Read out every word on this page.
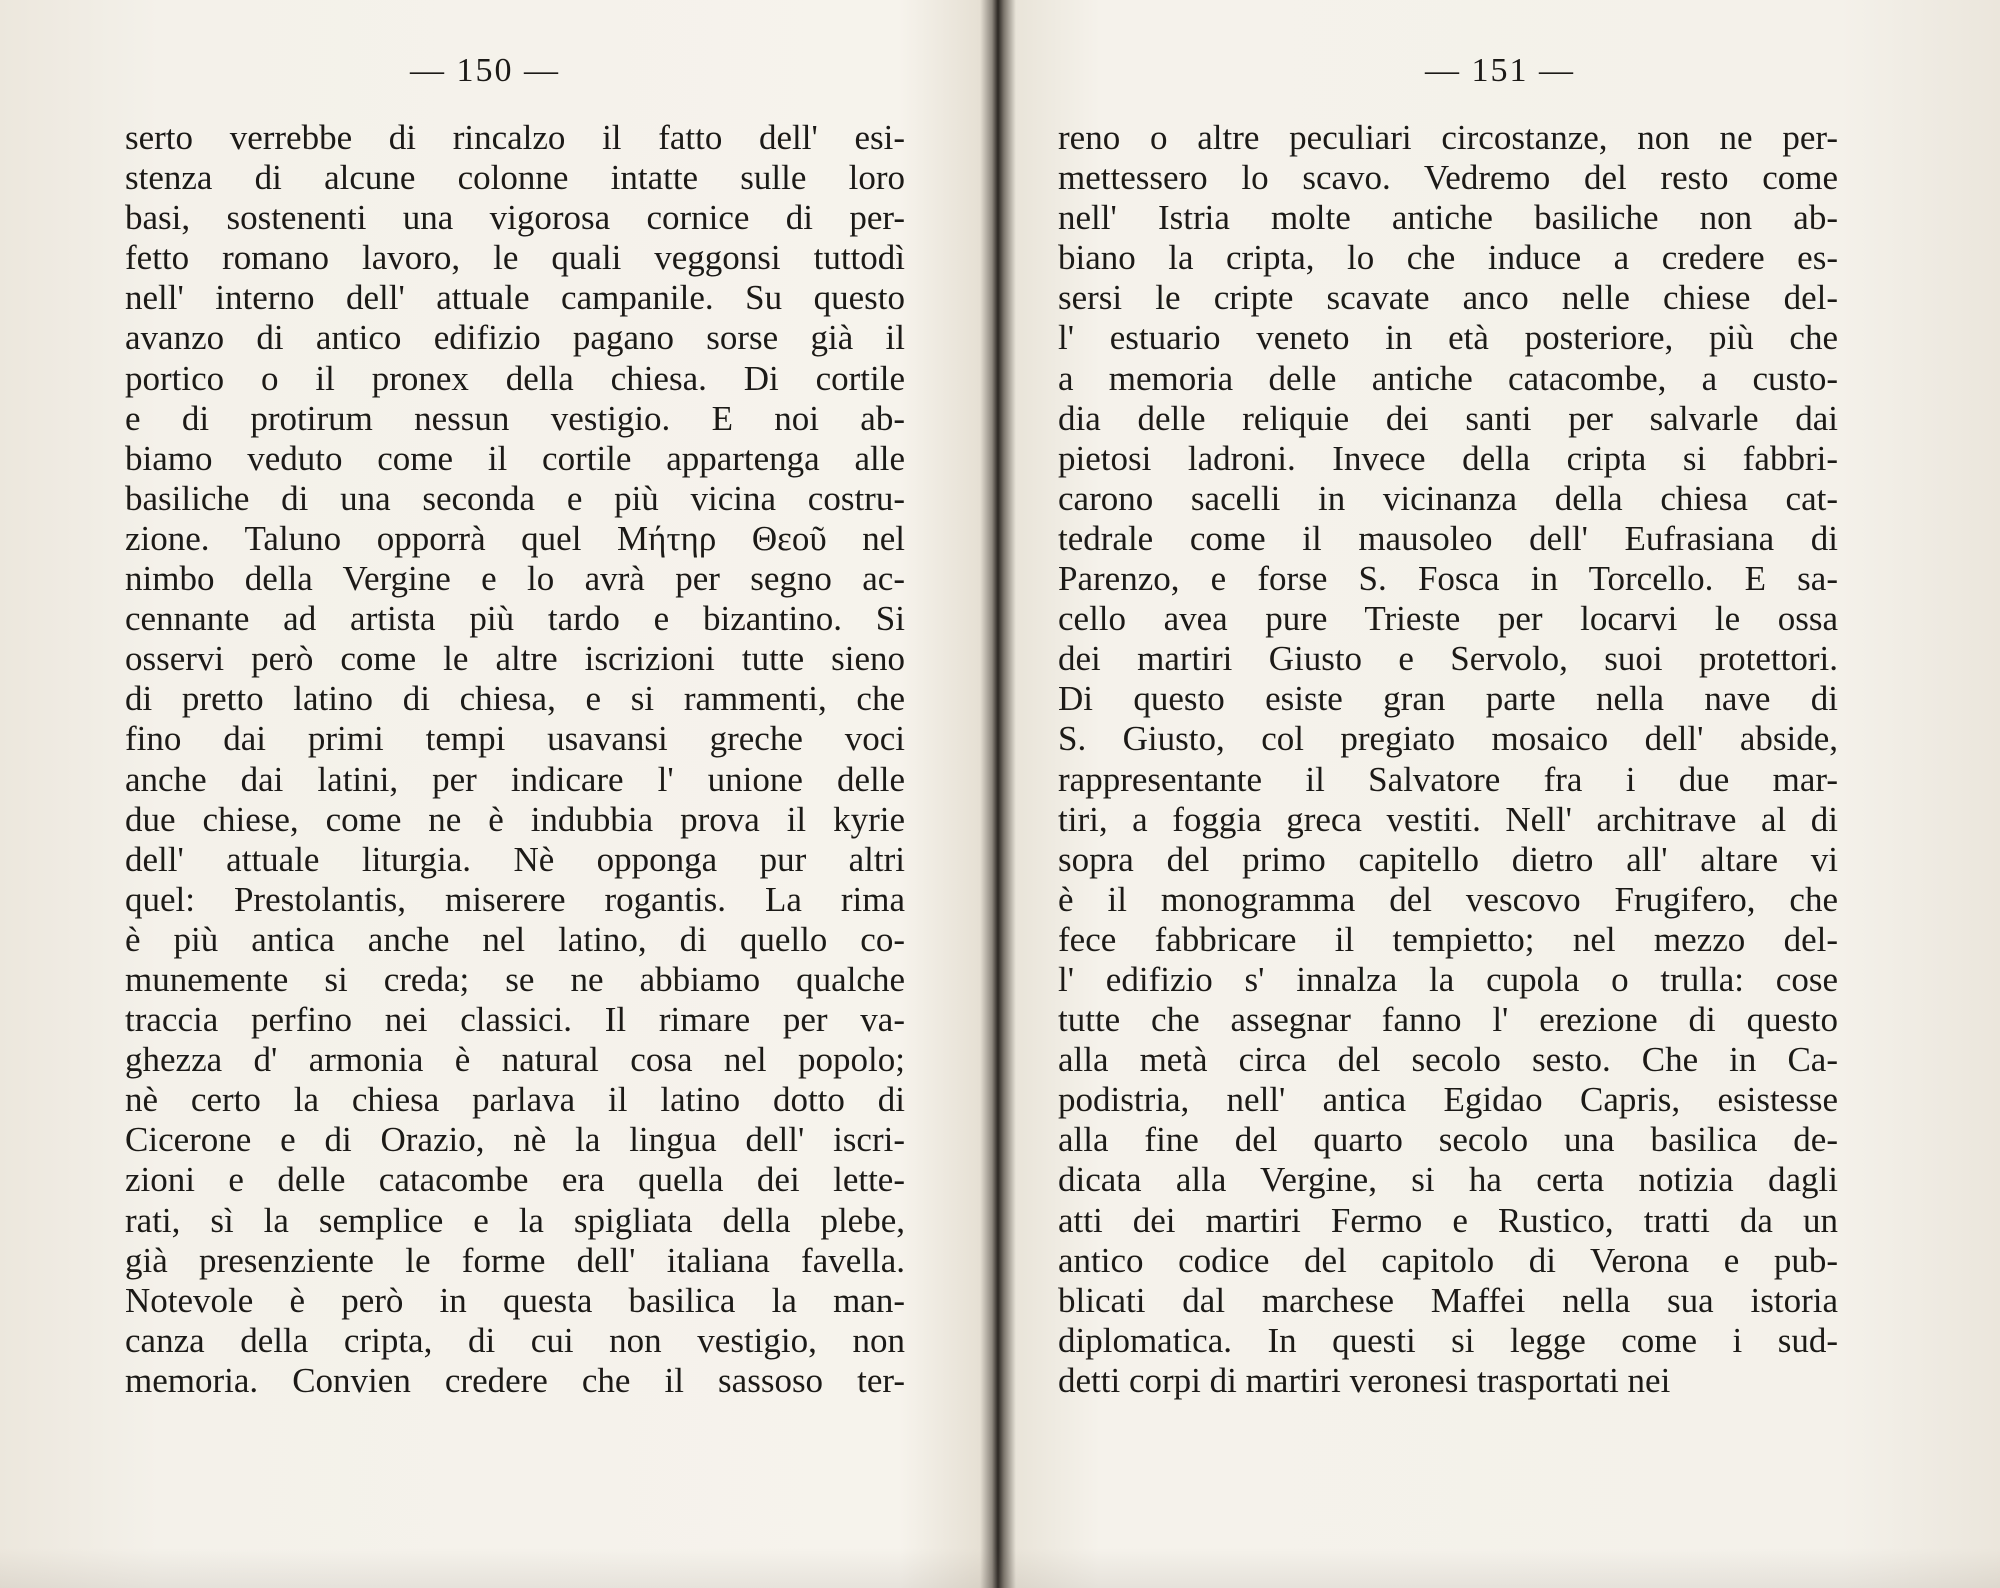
— 150 —
serto verrebbe di rincalzo il fatto dell' esi-
stenza di alcune colonne intatte sulle loro
basi, sostenenti una vigorosa cornice di per-
fetto romano lavoro, le quali veggonsi tuttodì
nell' interno dell' attuale campanile. Su questo
avanzo di antico edifizio pagano sorse già il
portico o il pronex della chiesa. Di cortile
e di protirum nessun vestigio. E noi ab-
biamo veduto come il cortile appartenga alle
basiliche di una seconda e più vicina costru-
zione. Taluno opporrà quel Μήτηρ Θεοῦ nel
nimbo della Vergine e lo avrà per segno ac-
cennante ad artista più tardo e bizantino. Si
osservi però come le altre iscrizioni tutte sieno
di pretto latino di chiesa, e si rammenti, che
fino dai primi tempi usavansi greche voci
anche dai latini, per indicare l' unione delle
due chiese, come ne è indubbia prova il kyrie
dell' attuale liturgia. Nè opponga pur altri
quel: Prestolantis, miserere rogantis. La rima
è più antica anche nel latino, di quello co-
munemente si creda; se ne abbiamo qualche
traccia perfino nei classici. Il rimare per va-
ghezza d' armonia è natural cosa nel popolo;
nè certo la chiesa parlava il latino dotto di
Cicerone e di Orazio, nè la lingua dell' iscri-
zioni e delle catacombe era quella dei lette-
rati, sì la semplice e la spigliata della plebe,
già presenziente le forme dell' italiana favella.
Notevole è però in questa basilica la man-
canza della cripta, di cui non vestigio, non
memoria. Convien credere che il sassoso ter-
— 151 —
reno o altre peculiari circostanze, non ne per-
mettessero lo scavo. Vedremo del resto come
nell' Istria molte antiche basiliche non ab-
biano la cripta, lo che induce a credere es-
sersi le cripte scavate anco nelle chiese del-
l' estuario veneto in età posteriore, più che
a memoria delle antiche catacombe, a custo-
dia delle reliquie dei santi per salvarle dai
pietosi ladroni. Invece della cripta si fabbri-
carono sacelli in vicinanza della chiesa cat-
tedrale come il mausoleo dell' Eufrasiana di
Parenzo, e forse S. Fosca in Torcello. E sa-
cello avea pure Trieste per locarvi le ossa
dei martiri Giusto e Servolo, suoi protettori.
Di questo esiste gran parte nella nave di
S. Giusto, col pregiato mosaico dell' abside,
rappresentante il Salvatore fra i due mar-
tiri, a foggia greca vestiti. Nell' architrave al di
sopra del primo capitello dietro all' altare vi
è il monogramma del vescovo Frugifero, che
fece fabbricare il tempietto; nel mezzo del-
l' edifizio s' innalza la cupola o trulla: cose
tutte che assegnar fanno l' erezione di questo
alla metà circa del secolo sesto. Che in Ca-
podistria, nell' antica Egidao Capris, esistesse
alla fine del quarto secolo una basilica de-
dicata alla Vergine, si ha certa notizia dagli
atti dei martiri Fermo e Rustico, tratti da un
antico codice del capitolo di Verona e pub-
blicati dal marchese Maffei nella sua istoria
diplomatica. In questi si legge come i sud-
detti corpi di martiri veronesi trasportati nei
